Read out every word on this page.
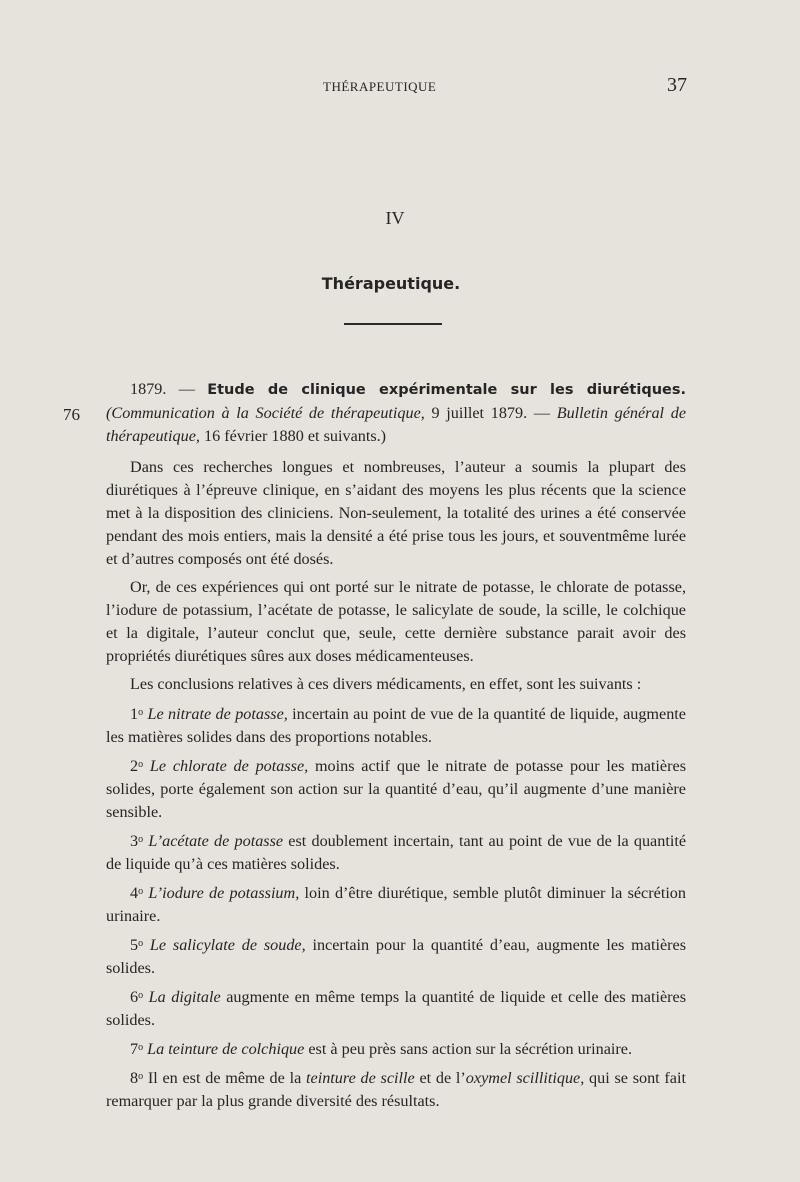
THÉRAPEUTIQUE	37
IV
Thérapeutique.
76

1879. — Etude de clinique expérimentale sur les diurétiques. (Communication à la Société de thérapeutique, 9 juillet 1879. — Bulletin général de thérapeutique, 16 février 1880 et suivants.)

Dans ces recherches longues et nombreuses, l’auteur a soumis la plupart des diurétiques à l’épreuve clinique, en s’aidant des moyens les plus récents que la science met à la disposition des cliniciens. Non-seulement, la totalité des urines a été conservée pendant des mois entiers, mais la densité a été prise tous les jours, et souventmême lurée et d’autres composés ont été dosés.

Or, de ces expériences qui ont porté sur le nitrate de potasse, le chlorate de potasse, l’iodure de potassium, l’acétate de potasse, le salicylate de soude, la scille, le colchique et la digitale, l’auteur conclut que, seule, cette dernière substance parait avoir des propriétés diurétiques sûres aux doses médicamenteuses.

Les conclusions relatives à ces divers médicaments, en effet, sont les suivants :

1$^o$ Le nitrate de potasse, incertain au point de vue de la quantité de liquide, augmente les matières solides dans des proportions notables.

2$^o$ Le chlorate de potasse, moins actif que le nitrate de potasse pour les matières solides, porte également son action sur la quantité d’eau, qu’il augmente d’une manière sensible.

3$^o$ L’acétate de potasse est doublement incertain, tant au point de vue de la quantité de liquide qu’à ces matières solides.

4$^o$ L’iodure de potassium, loin d’être diurétique, semble plutôt diminuer la sécrétion urinaire.

5$^o$ Le salicylate de soude, incertain pour la quantité d’eau, augmente les matières solides.

6$^o$ La digitale augmente en même temps la quantité de liquide et celle des matières solides.

7$^o$ La teinture de colchique est à peu près sans action sur la sécrétion urinaire.

8$^o$ Il en est de même de la teinture de scille et de l’oxymel scillitique, qui se sont fait remarquer par la plus grande diversité des résultats.
